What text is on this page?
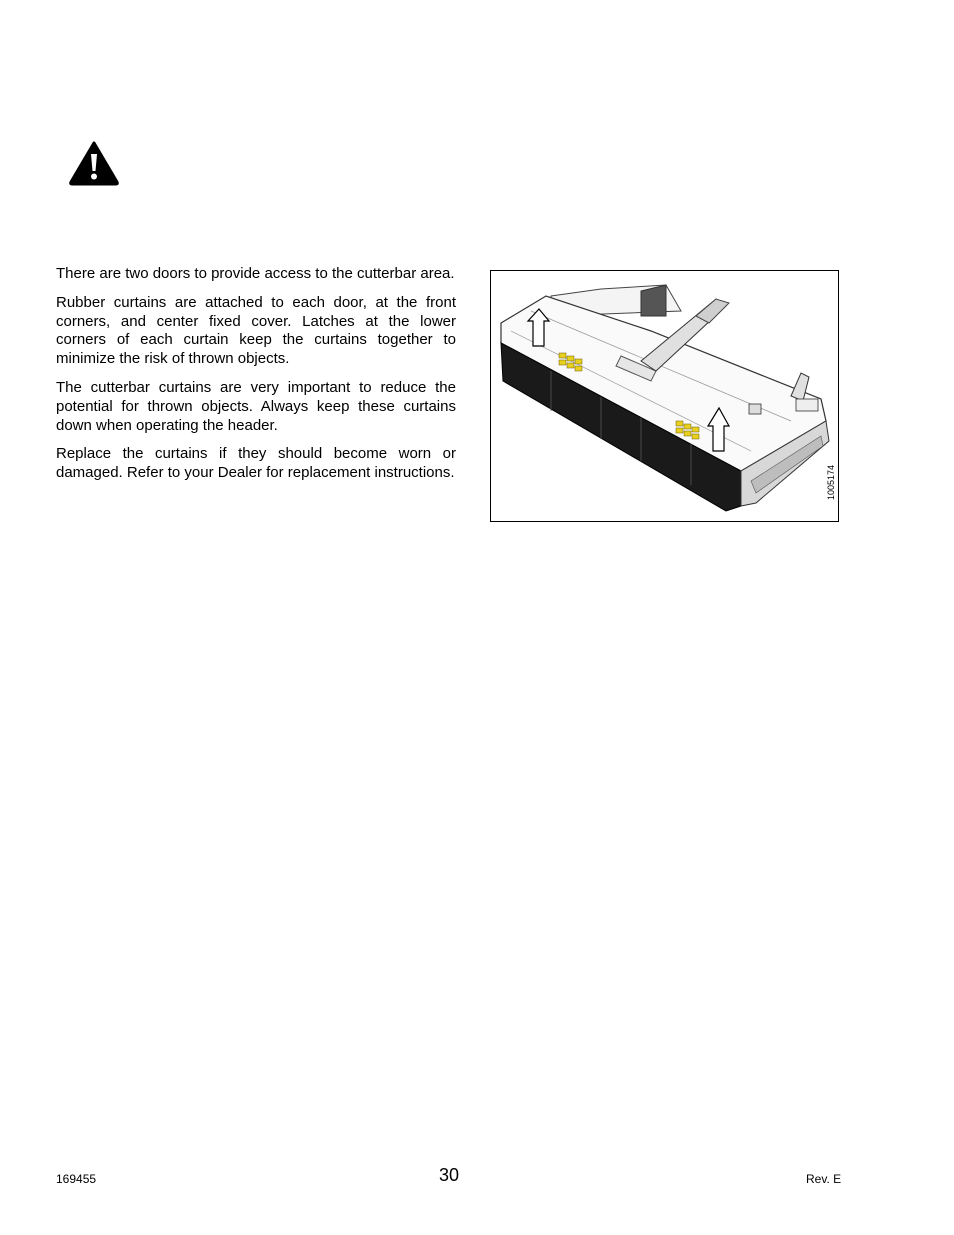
There are two doors to provide access to the cutterbar area.

Rubber curtains are attached to each door, at the front corners, and center fixed cover. Latches at the lower corners of each curtain keep the curtains together to minimize the risk of thrown objects.

The cutterbar curtains are very important to reduce the potential for thrown objects. Always keep these curtains down when operating the header.

Replace the curtains if they should become worn or damaged. Refer to your Dealer for replacement instructions.	1005174
169455	30	Rev. E
